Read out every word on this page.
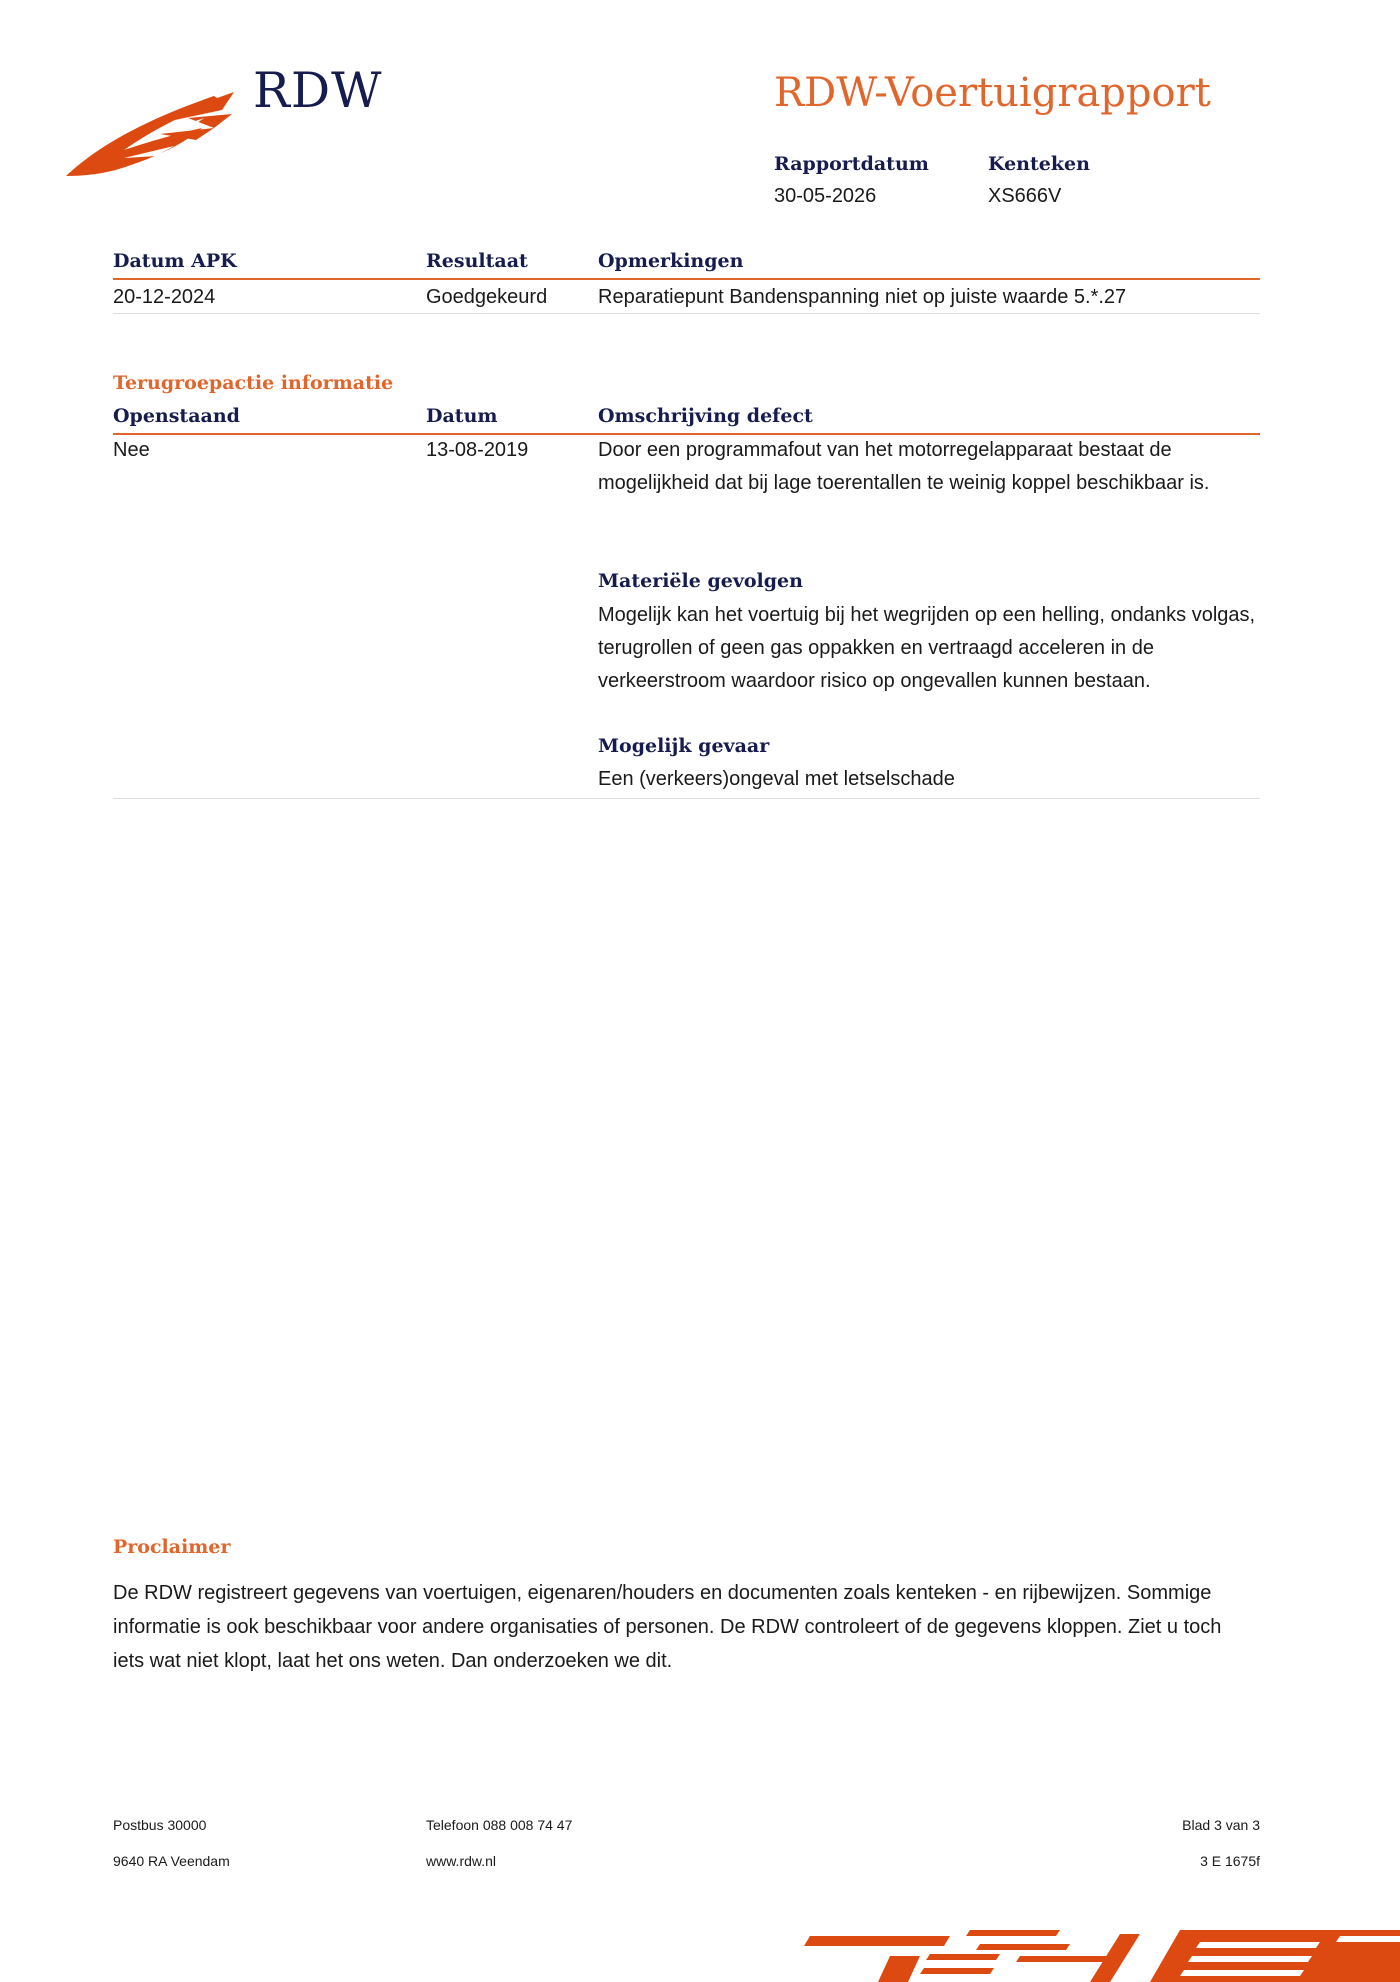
RDW	RDW-Voertuigrapport
Rapportdatum
30-05-2026
Kenteken
XS666V
Datum APK	Resultaat	Opmerkingen
20-12-2024	Goedgekeurd	Reparatiepunt Bandenspanning niet op juiste waarde 5.*.27
Terugroepactie informatie
Openstaand	Datum	Omschrijving defect
Nee	13-08-2019	Door een programmafout van het motorregelapparaat bestaat de mogelijkheid dat bij lage toerentallen te weinig koppel beschikbaar is.
Materiële gevolgen
Mogelijk kan het voertuig bij het wegrijden op een helling, ondanks volgas, terugrollen of geen gas oppakken en vertraagd acceleren in de verkeerstroom waardoor risico op ongevallen kunnen bestaan.
Mogelijk gevaar
Een (verkeers)ongeval met letselschade
Proclaimer
De RDW registreert gegevens van voertuigen, eigenaren/houders en documenten zoals kenteken - en rijbewijzen. Sommige informatie is ook beschikbaar voor andere organisaties of personen. De RDW controleert of de gegevens kloppen. Ziet u toch iets wat niet klopt, laat het ons weten. Dan onderzoeken we dit.
Postbus 30000
9640 RA Veendam
Telefoon 088 008 74 47
www.rdw.nl
Blad 3 van 3
3 E 1675f
